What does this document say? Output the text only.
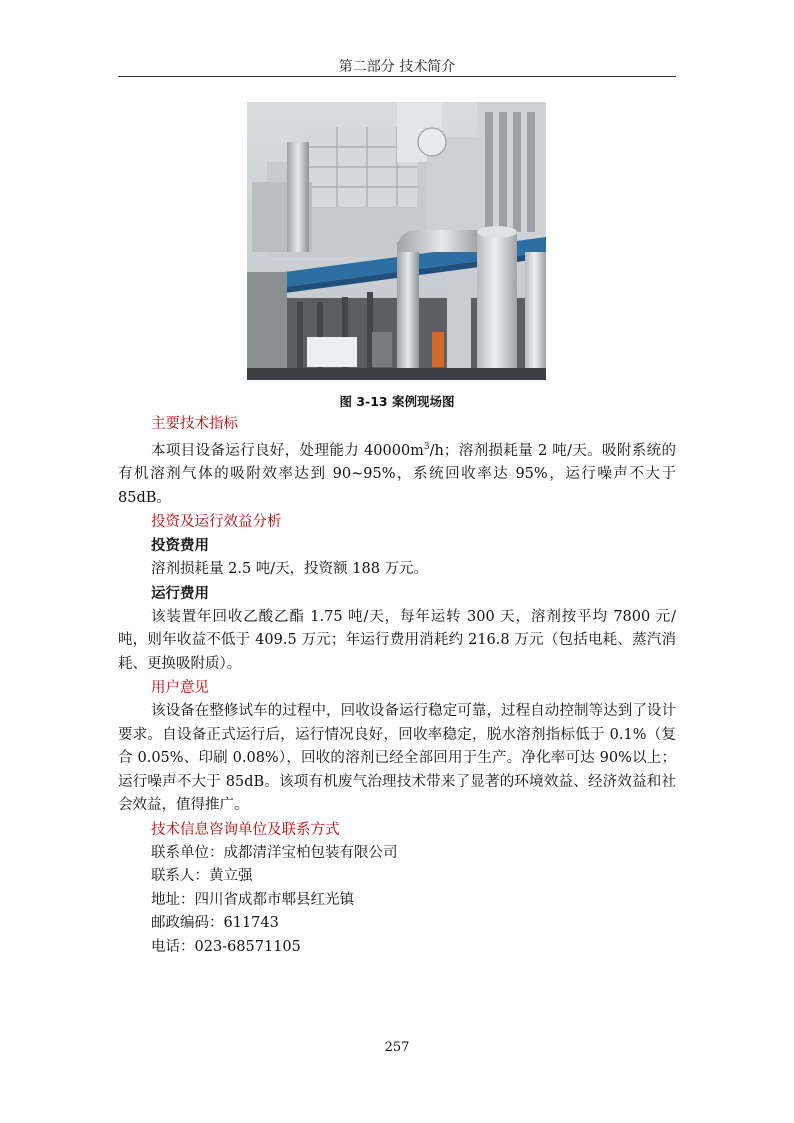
第二部分 技术简介
图 3-13 案例现场图
主要技术指标

本项目设备运行良好，处理能力 $40000m^3/h$；溶剂损耗量 2 吨/天。吸附系统的有机溶剂气体的吸附效率达到 90~95%，系统回收率达 95%，运行噪声不大于 85dB。

投资及运行效益分析
投资费用
溶剂损耗量 2.5 吨/天，投资额 188 万元。
运行费用

该装置年回收乙酸乙酯 1.75 吨/天，每年运转 300 天，溶剂按平均 7800 元/吨，则年收益不低于 409.5 万元；年运行费用消耗约 216.8 万元（包括电耗、蒸汽消耗、更换吸附质）。

用户意见

该设备在整修试车的过程中，回收设备运行稳定可靠，过程自动控制等达到了设计要求。自设备正式运行后，运行情况良好，回收率稳定，脱水溶剂指标低于 0.1%（复合 0.05%、印刷 0.08%），回收的溶剂已经全部回用于生产。净化率可达 90%以上；运行噪声不大于 85dB。该项有机废气治理技术带来了显著的环境效益、经济效益和社会效益，值得推广。

技术信息咨询单位及联系方式
联系单位：成都清洋宝柏包装有限公司
联系人：黄立强
地址：四川省成都市郫县红光镇
邮政编码：611743
电话：023-68571105
257
